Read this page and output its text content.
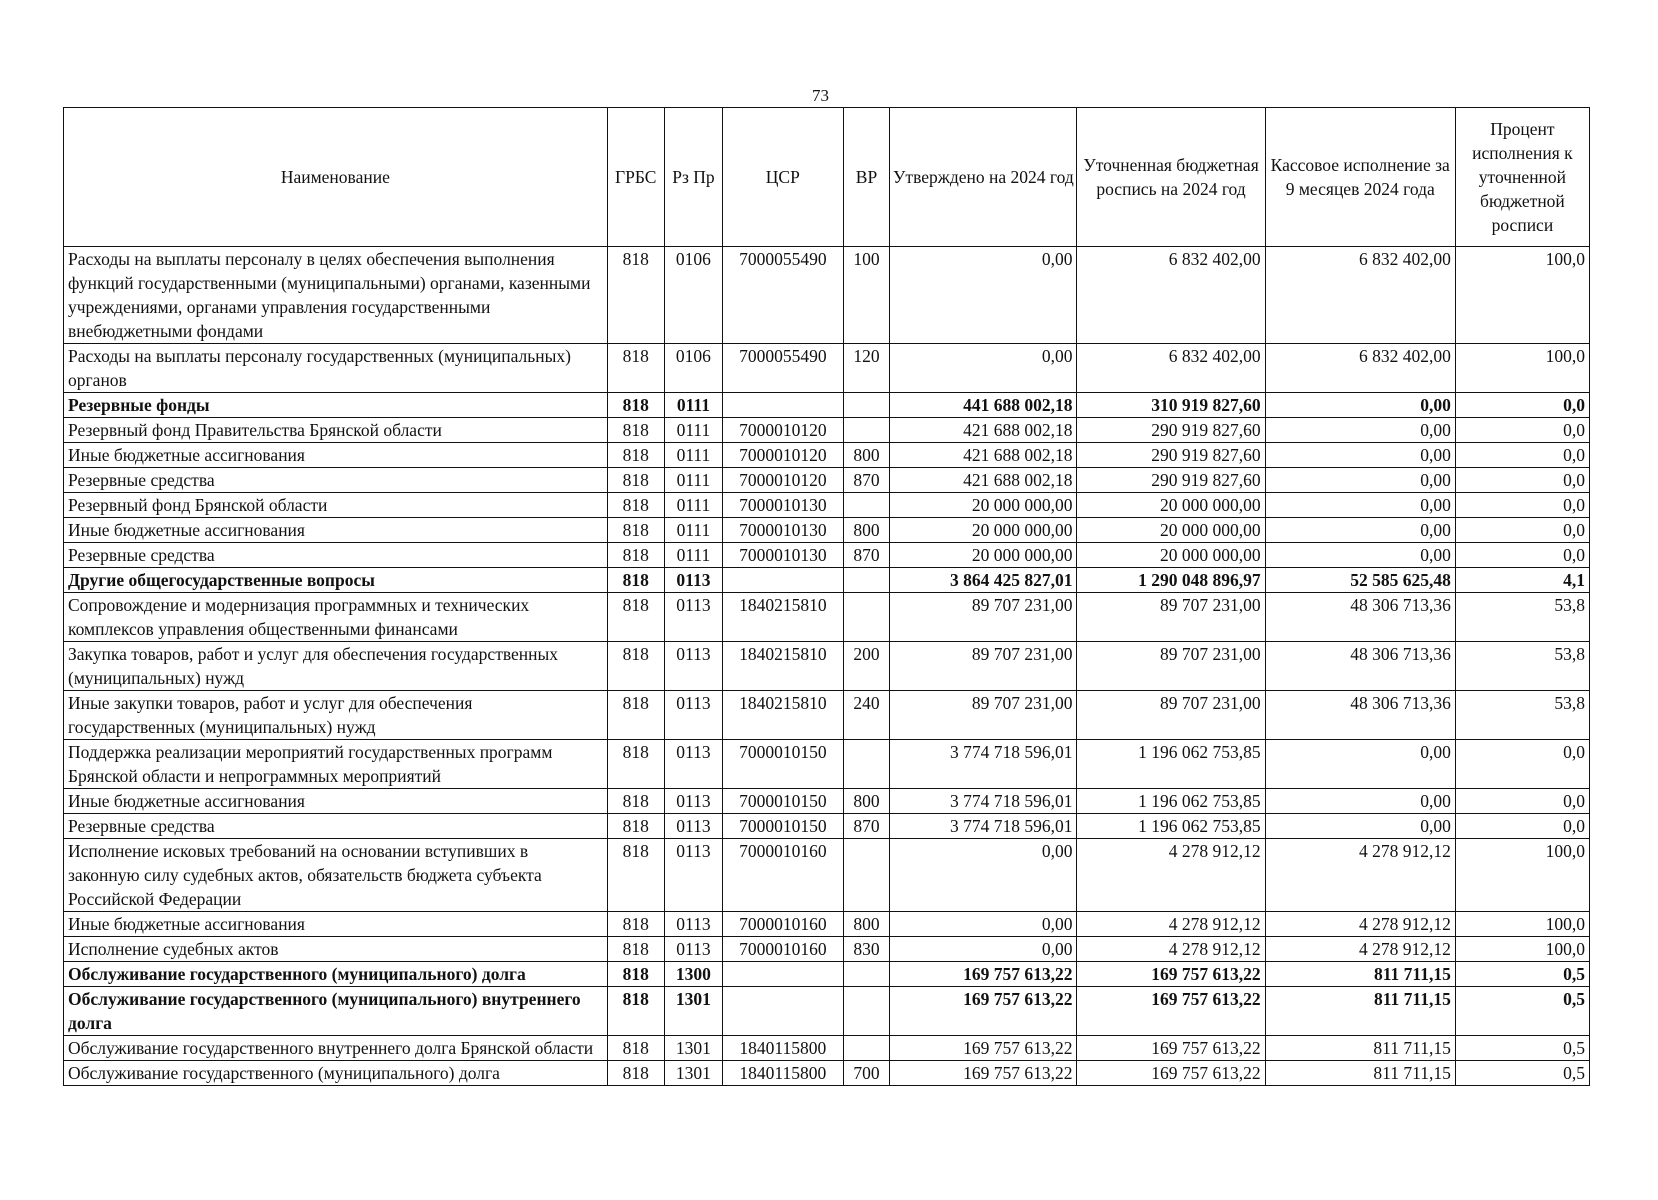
73
Наименование	ГРБС	Рз Пр	ЦСР	ВР	Утверждено на 2024 год	Уточненная бюджетная роспись на 2024 год	Кассовое исполнение за 9 месяцев 2024 года	Процент исполнения к уточненной бюджетной росписи
Расходы на выплаты персоналу в целях обеспечения выполнения функций государственными (муниципальными) органами, казенными учреждениями, органами управления государственными внебюджетными фондами	818	0106	7000055490	100	0,00	6 832 402,00	6 832 402,00	100,0
Расходы на выплаты персоналу государственных (муниципальных) органов	818	0106	7000055490	120	0,00	6 832 402,00	6 832 402,00	100,0
Резервные фонды	818	0111			441 688 002,18	310 919 827,60	0,00	0,0
Резервный фонд Правительства Брянской области	818	0111	7000010120		421 688 002,18	290 919 827,60	0,00	0,0
Иные бюджетные ассигнования	818	0111	7000010120	800	421 688 002,18	290 919 827,60	0,00	0,0
Резервные средства	818	0111	7000010120	870	421 688 002,18	290 919 827,60	0,00	0,0
Резервный фонд Брянской области	818	0111	7000010130		20 000 000,00	20 000 000,00	0,00	0,0
Иные бюджетные ассигнования	818	0111	7000010130	800	20 000 000,00	20 000 000,00	0,00	0,0
Резервные средства	818	0111	7000010130	870	20 000 000,00	20 000 000,00	0,00	0,0
Другие общегосударственные вопросы	818	0113			3 864 425 827,01	1 290 048 896,97	52 585 625,48	4,1
Сопровождение и модернизация программных и технических комплексов управления общественными финансами	818	0113	1840215810		89 707 231,00	89 707 231,00	48 306 713,36	53,8
Закупка товаров, работ и услуг для обеспечения государственных (муниципальных) нужд	818	0113	1840215810	200	89 707 231,00	89 707 231,00	48 306 713,36	53,8
Иные закупки товаров, работ и услуг для обеспечения государственных (муниципальных) нужд	818	0113	1840215810	240	89 707 231,00	89 707 231,00	48 306 713,36	53,8
Поддержка реализации мероприятий государственных программ Брянской области и непрограммных мероприятий	818	0113	7000010150		3 774 718 596,01	1 196 062 753,85	0,00	0,0
Иные бюджетные ассигнования	818	0113	7000010150	800	3 774 718 596,01	1 196 062 753,85	0,00	0,0
Резервные средства	818	0113	7000010150	870	3 774 718 596,01	1 196 062 753,85	0,00	0,0
Исполнение исковых требований на основании вступивших в законную силу судебных актов, обязательств бюджета субъекта Российской Федерации	818	0113	7000010160		0,00	4 278 912,12	4 278 912,12	100,0
Иные бюджетные ассигнования	818	0113	7000010160	800	0,00	4 278 912,12	4 278 912,12	100,0
Исполнение судебных актов	818	0113	7000010160	830	0,00	4 278 912,12	4 278 912,12	100,0
Обслуживание государственного (муниципального) долга	818	1300			169 757 613,22	169 757 613,22	811 711,15	0,5
Обслуживание государственного (муниципального) внутреннего долга	818	1301			169 757 613,22	169 757 613,22	811 711,15	0,5
Обслуживание государственного внутреннего долга Брянской области	818	1301	1840115800		169 757 613,22	169 757 613,22	811 711,15	0,5
Обслуживание государственного (муниципального) долга	818	1301	1840115800	700	169 757 613,22	169 757 613,22	811 711,15	0,5
